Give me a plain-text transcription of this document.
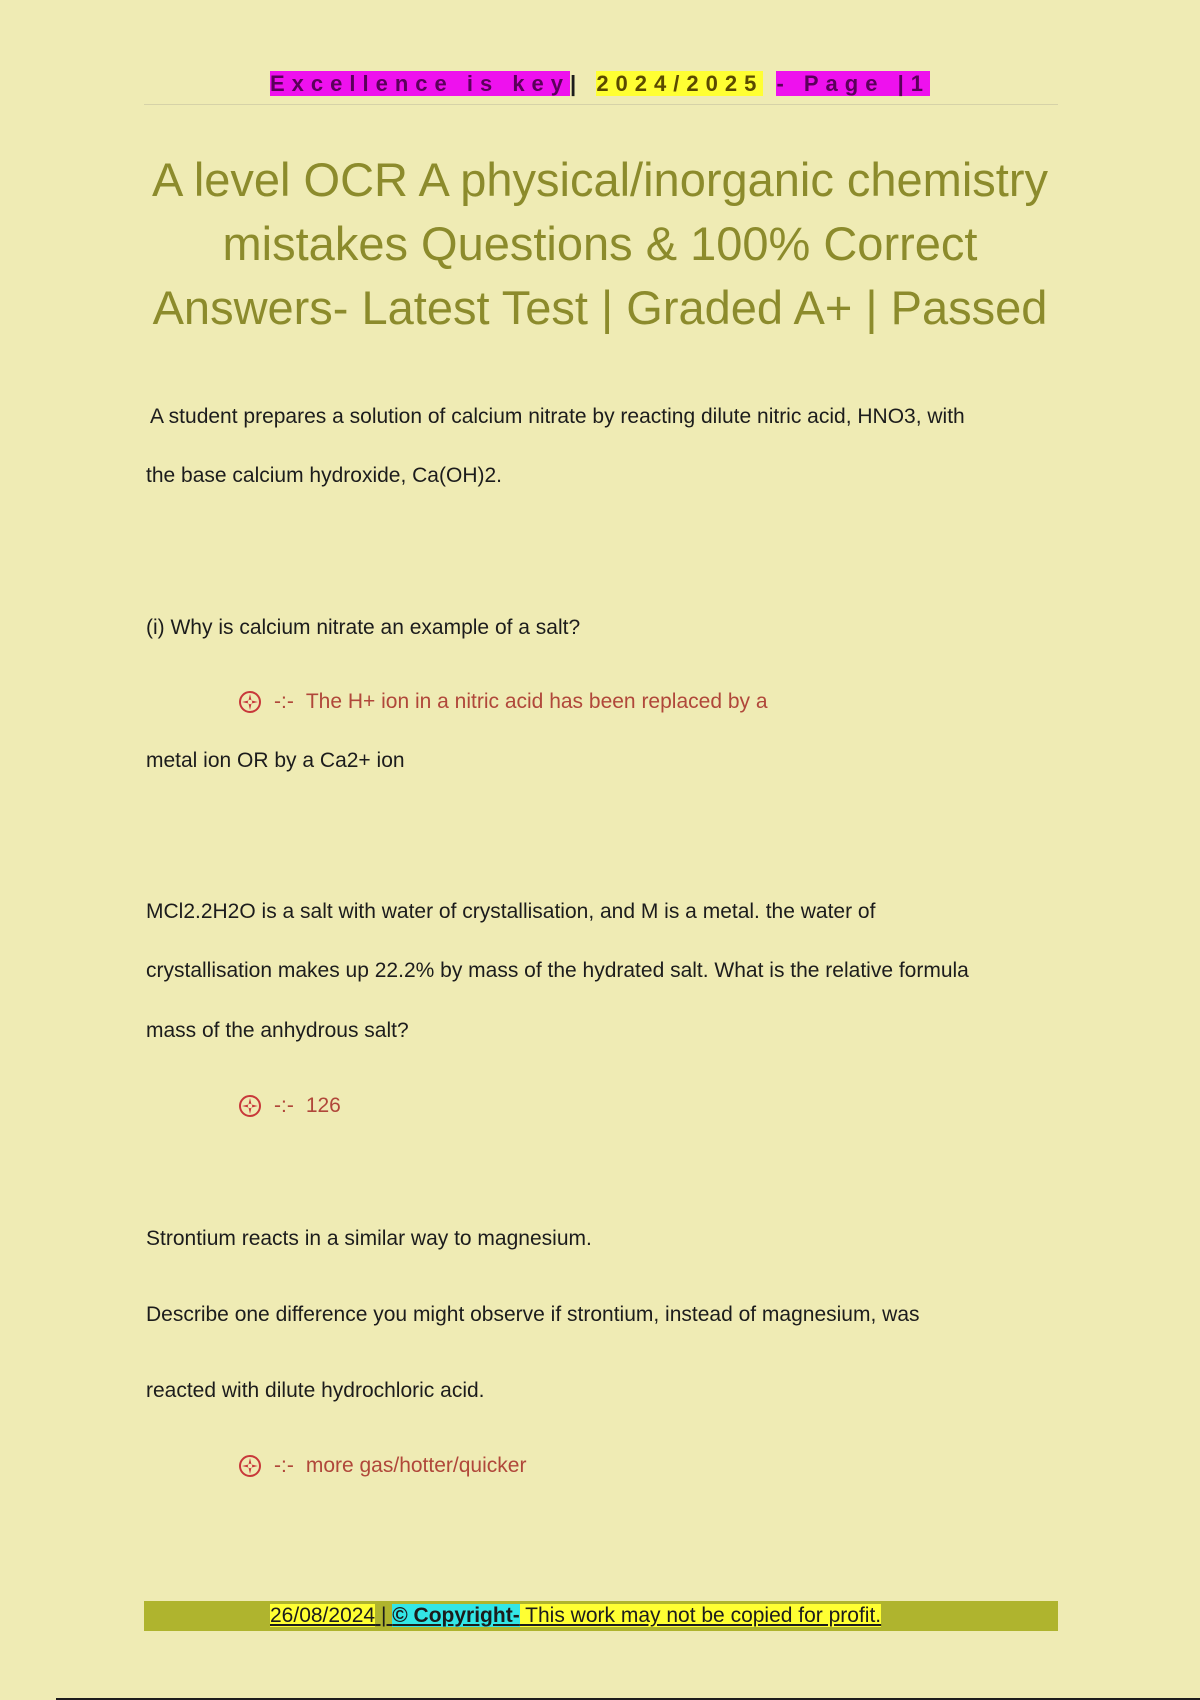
Excellence is key| 2024/2025 - Page |1
A level OCR A physical/inorganic chemistry mistakes Questions & 100% Correct Answers- Latest Test | Graded A+ | Passed
A student prepares a solution of calcium nitrate by reacting dilute nitric acid, HNO3, with
the base calcium hydroxide, Ca(OH)2.
(i) Why is calcium nitrate an example of a salt?
-:- The H+ ion in a nitric acid has been replaced by a
metal ion OR by a Ca2+ ion
MCl2.2H2O is a salt with water of crystallisation, and M is a metal. the water of
crystallisation makes up 22.2% by mass of the hydrated salt. What is the relative formula
mass of the anhydrous salt?
-:- 126
Strontium reacts in a similar way to magnesium.
Describe one difference you might observe if strontium, instead of magnesium, was
reacted with dilute hydrochloric acid.
-:- more gas/hotter/quicker
26/08/2024 | © Copyright- This work may not be copied for profit.
